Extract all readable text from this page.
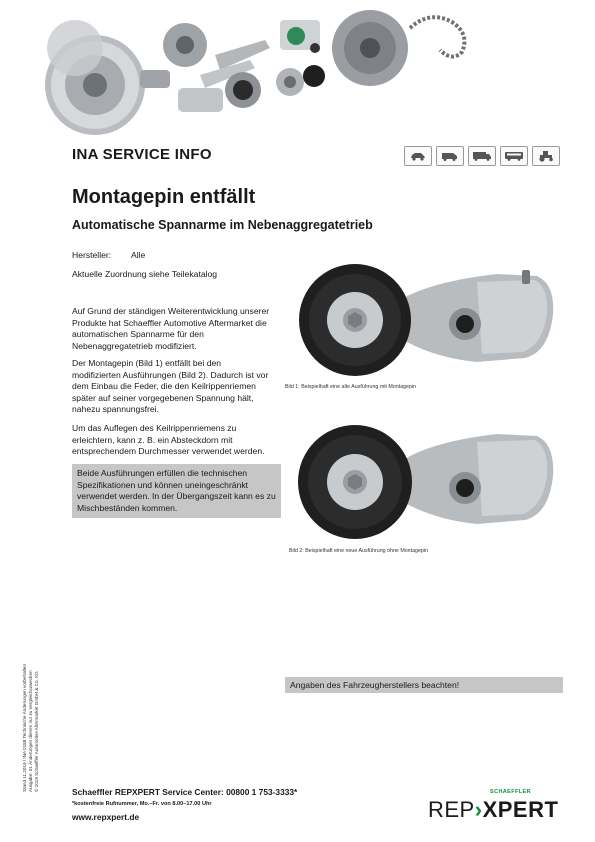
INA SERVICE INFO
Montagepin entfällt
Automatische Spannarme im Nebenaggregatetrieb
Hersteller: Alle
Aktuelle Zuordnung siehe Teilekatalog
Auf Grund der ständigen Weiterentwicklung unserer Produkte hat Schaeffler Automotive Aftermarket die automatischen Spannarme für den Nebenaggregatetrieb modifiziert.
Der Montagepin (Bild 1) entfällt bei den modifizierten Ausführungen (Bild 2). Dadurch ist vor dem Einbau die Feder, die den Keilrippenriemen später auf seiner vorgegebenen Spannung hält, nahezu spannungsfrei.
Um das Auflegen des Keilrippenriemens zu erleichtern, kann z. B. ein Absteckdorn mit entsprechendem Durchmesser verwendet werden.
Beide Ausführungen erfüllen die technischen Spezifikationen und können uneingeschränkt verwendet werden. In der Übergangszeit kann es zu Mischbeständen kommen.
Bild 1: Beispielhaft eine alte Ausführung mit Montagepin
Bild 2: Beispielhaft eine neue Ausführung ohne Montagepin
Angaben des Fahrzeugherstellers beachten!
Stand 11.2019 / INA 0188 Technische Änderungen vorbehalten Ausgabe: 01 Änderungen dienen nur zu Vergleichszwecken © 2019 Schaeffler Automotive Aftermarket GmbH & Co. KG	Schaeffler REPXPERT Service Center: 00800 1 753-3333*
*kostenfreie Rufnummer, Mo.–Fr. von 8.00–17.00 Uhr
www.repxpert.de
SCHAEFFLER
REP›XPERT
